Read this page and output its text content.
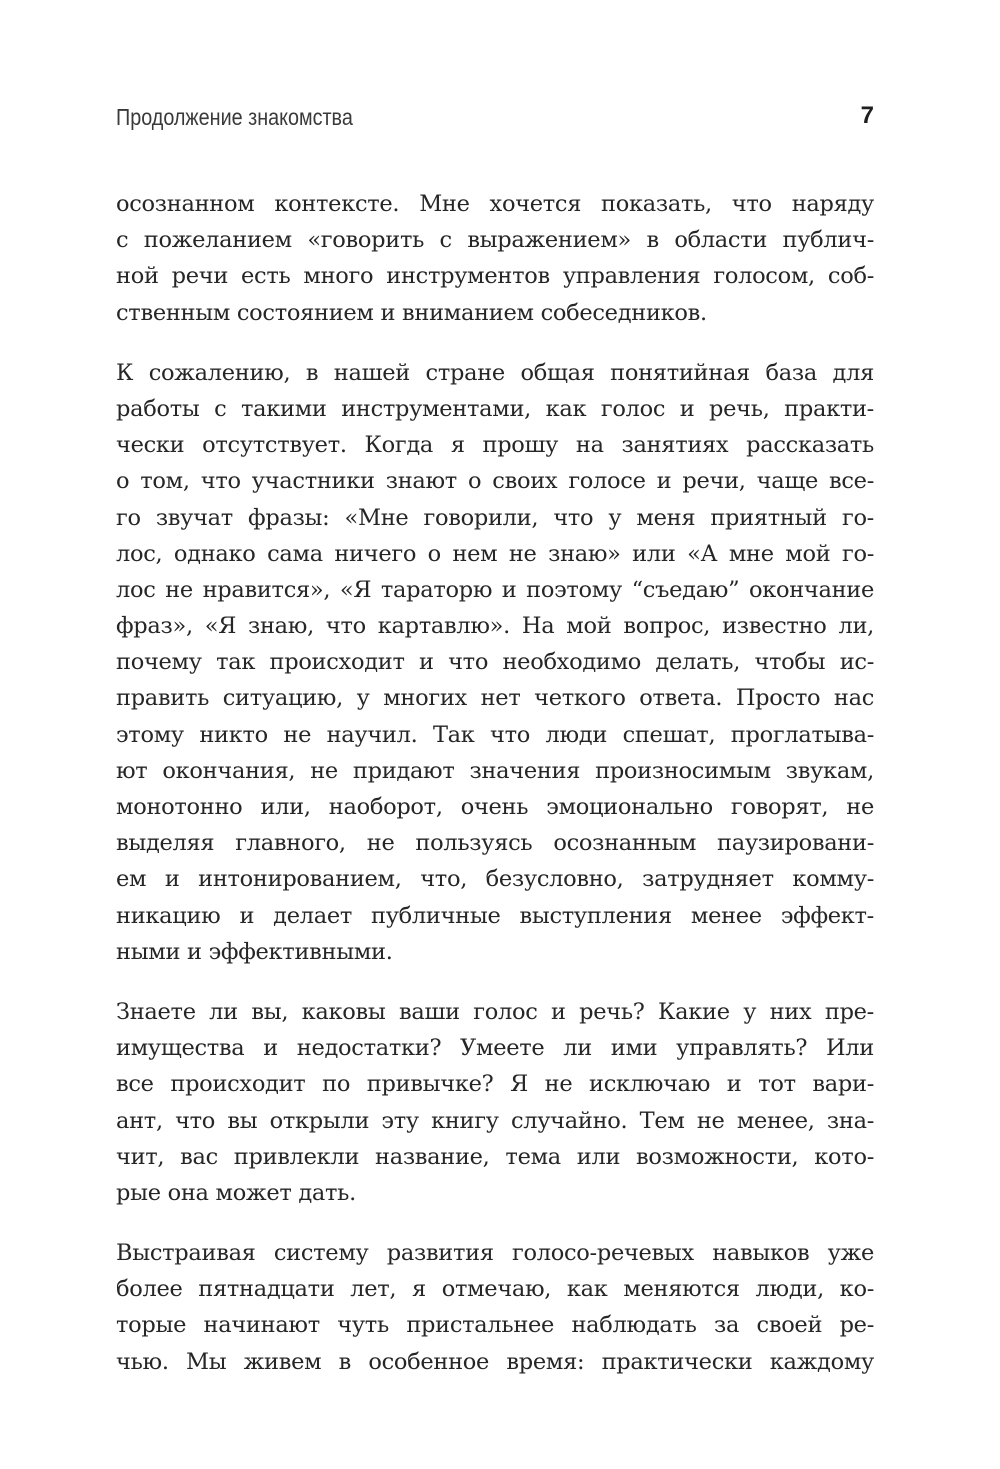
Продолжение знакомства	7
осознанном контексте. Мне хочется показать, что наряду
с пожеланием «говорить с выражением» в области публич-
ной речи есть много инструментов управления голосом, соб-
ственным состоянием и вниманием собеседников.
К сожалению, в нашей стране общая понятийная база для
работы с такими инструментами, как голос и речь, практи-
чески отсутствует. Когда я прошу на занятиях рассказать
о том, что участники знают о своих голосе и речи, чаще все-
го звучат фразы: «Мне говорили, что у меня приятный го-
лос, однако сама ничего о нем не знаю» или «А мне мой го-
лос не нравится», «Я тараторю и поэтому “съедаю” окончание
фраз», «Я знаю, что картавлю». На мой вопрос, известно ли,
почему так происходит и что необходимо делать, чтобы ис-
править ситуацию, у многих нет четкого ответа. Просто нас
этому никто не научил. Так что люди спешат, проглатыва-
ют окончания, не придают значения произносимым звукам,
монотонно или, наоборот, очень эмоционально говорят, не
выделяя главного, не пользуясь осознанным паузировани-
ем и интонированием, что, безусловно, затрудняет комму-
никацию и делает публичные выступления менее эффект-
ными и эффективными.
Знаете ли вы, каковы ваши голос и речь? Какие у них пре-
имущества и недостатки? Умеете ли ими управлять? Или
все происходит по привычке? Я не исключаю и тот вари-
ант, что вы открыли эту книгу случайно. Тем не менее, зна-
чит, вас привлекли название, тема или возможности, кото-
рые она может дать.
Выстраивая систему развития голосо-речевых навыков уже
более пятнадцати лет, я отмечаю, как меняются люди, ко-
торые начинают чуть пристальнее наблюдать за своей ре-
чью. Мы живем в особенное время: практически каждому
